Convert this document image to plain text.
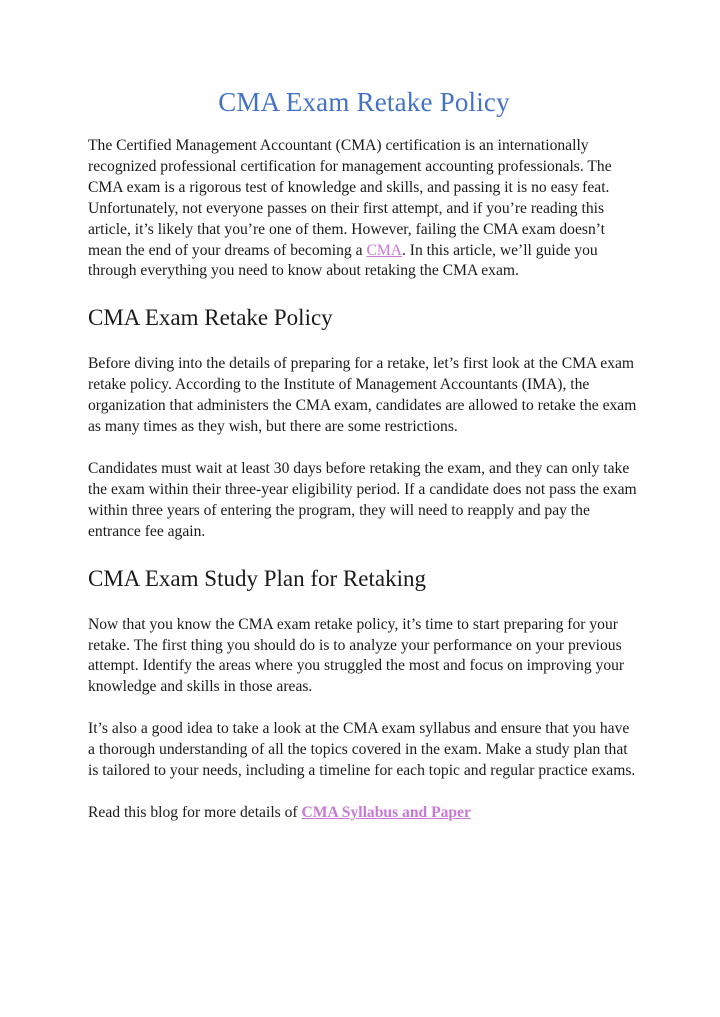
CMA Exam Retake Policy

The Certified Management Accountant (CMA) certification is an internationally recognized professional certification for management accounting professionals. The CMA exam is a rigorous test of knowledge and skills, and passing it is no easy feat. Unfortunately, not everyone passes on their first attempt, and if you’re reading this article, it’s likely that you’re one of them. However, failing the CMA exam doesn’t mean the end of your dreams of becoming a CMA. In this article, we’ll guide you through everything you need to know about retaking the CMA exam.

CMA Exam Retake Policy

Before diving into the details of preparing for a retake, let’s first look at the CMA exam retake policy. According to the Institute of Management Accountants (IMA), the organization that administers the CMA exam, candidates are allowed to retake the exam as many times as they wish, but there are some restrictions.

Candidates must wait at least 30 days before retaking the exam, and they can only take the exam within their three-year eligibility period. If a candidate does not pass the exam within three years of entering the program, they will need to reapply and pay the entrance fee again.

CMA Exam Study Plan for Retaking

Now that you know the CMA exam retake policy, it’s time to start preparing for your retake. The first thing you should do is to analyze your performance on your previous attempt. Identify the areas where you struggled the most and focus on improving your knowledge and skills in those areas.

It’s also a good idea to take a look at the CMA exam syllabus and ensure that you have a thorough understanding of all the topics covered in the exam. Make a study plan that is tailored to your needs, including a timeline for each topic and regular practice exams.

Read this blog for more details of CMA Syllabus and Paper
